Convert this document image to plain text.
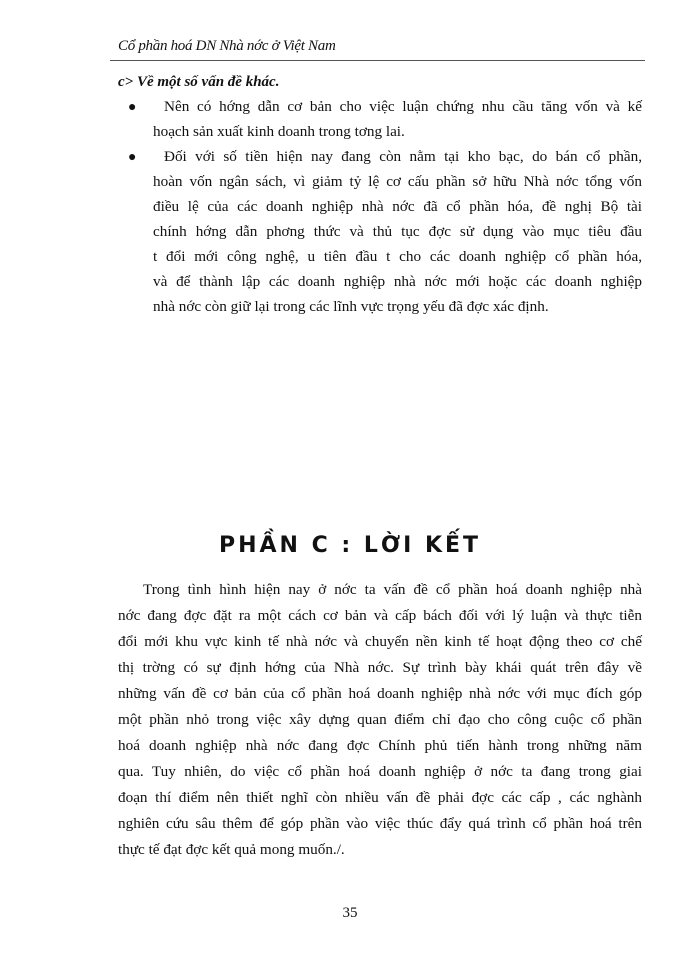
Cổ phần hoá DN Nhà nớc ở Việt Nam
c> Về một số vấn đề khác.
● Nên có hớng dẫn cơ bản cho việc luận chứng nhu cầu tăng vốn và kế
hoạch sản xuất kinh doanh trong tơng lai.
● Đối với số tiền hiện nay đang còn nằm tại kho bạc, do bán cổ phần,
hoàn vốn ngân sách, vì giảm tỷ lệ cơ cấu phần sở hữu Nhà nớc tổng vốn
điều lệ của các doanh nghiệp nhà nớc đã cổ phần hóa, đề nghị Bộ tài
chính hớng dẫn phơng thức và thủ tục đợc sử dụng vào mục tiêu đầu
t đổi mới công nghệ, u tiên đầu t cho các doanh nghiệp cổ phần hóa,
và để thành lập các doanh nghiệp nhà nớc mới hoặc các doanh nghiệp
nhà nớc còn giữ lại trong các lĩnh vực trọng yếu đã đợc xác định.
PHẦN C : LỜI KẾT
Trong tình hình hiện nay ở nớc ta vấn đề cổ phần hoá doanh nghiệp nhà
nớc đang đợc đặt ra một cách cơ bản và cấp bách đối với lý luận và thực tiễn
đổi mới khu vực kinh tế nhà nớc và chuyển nền kinh tế hoạt động theo cơ chế
thị trờng có sự định hớng của Nhà nớc. Sự trình bày khái quát trên đây về
những vấn đề cơ bản của cổ phần hoá doanh nghiệp nhà nớc với mục đích góp
một phần nhỏ trong việc xây dựng quan điểm chỉ đạo cho công cuộc cổ phần
hoá doanh nghiệp nhà nớc đang đợc Chính phủ tiến hành trong những năm
qua. Tuy nhiên, do việc cổ phần hoá doanh nghiệp ở nớc ta đang trong giai
đoạn thí điểm nên thiết nghĩ còn nhiều vấn đề phải đợc các cấp , các nghành
nghiên cứu sâu thêm để góp phần vào việc thúc đẩy quá trình cổ phần hoá trên
thực tế đạt đợc kết quả mong muốn./.
35
